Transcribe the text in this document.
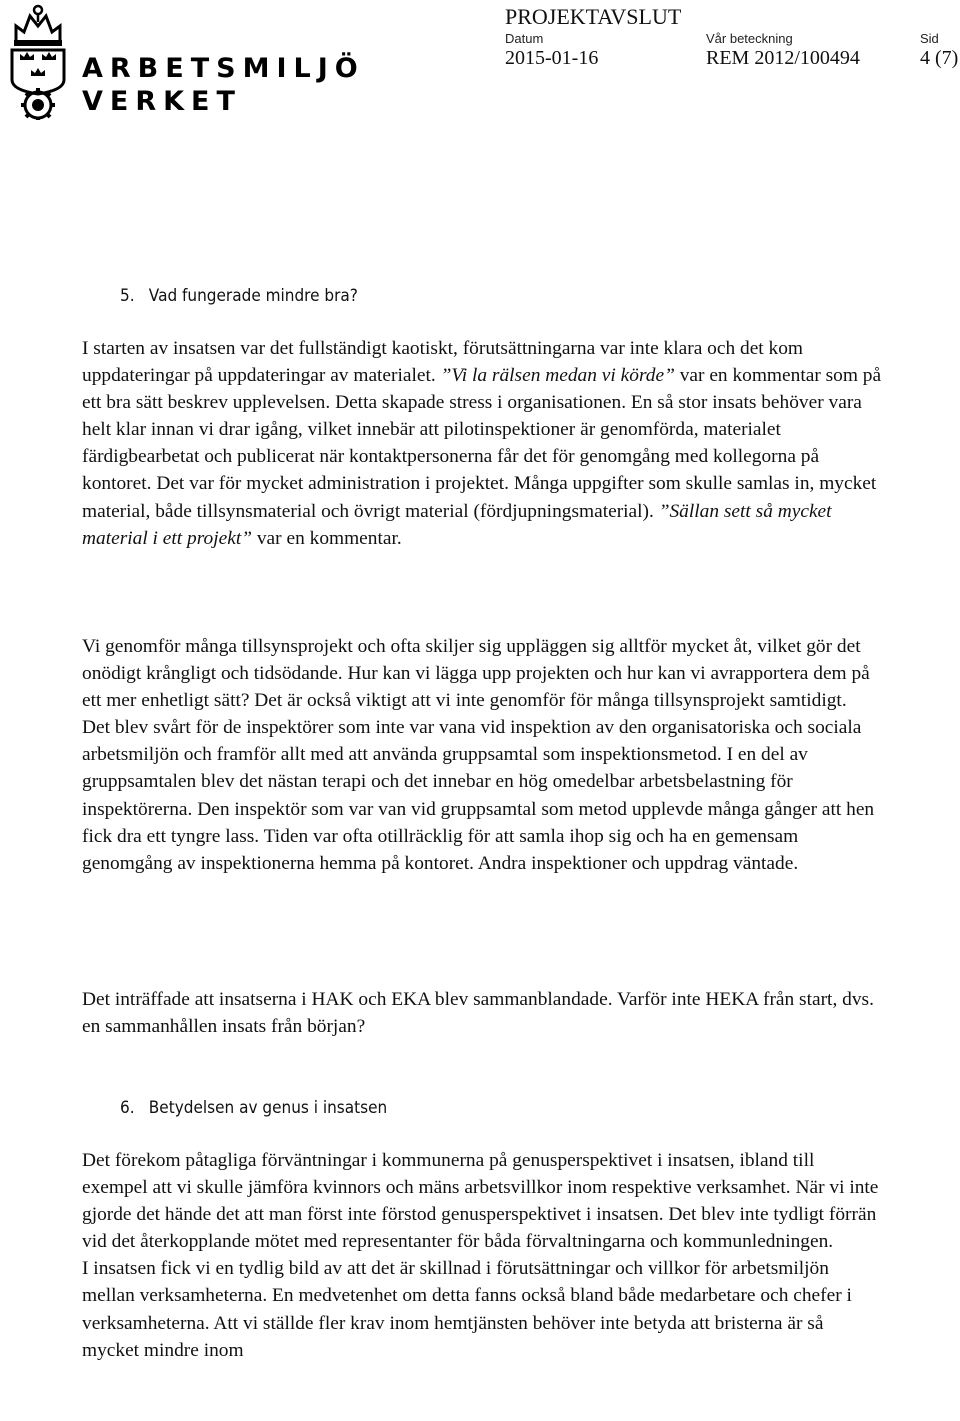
ARBETSMILJÖ
VERKET
PROJEKTAVSLUT
Datum
2015-01-16
Vår beteckning
REM 2012/100494
Sid
4 (7)
5. Vad fungerade mindre bra?

I starten av insatsen var det fullständigt kaotiskt, förutsättningarna var inte klara och det kom uppdateringar på uppdateringar av materialet. ”Vi la rälsen medan vi körde” var en kommentar som på ett bra sätt beskrev upplevelsen. Detta skapade stress i organisationen. En så stor insats behöver vara helt klar innan vi drar igång, vilket innebär att pilotinspektioner är genomförda, materialet färdigbearbetat och publicerat när kontaktpersonerna får det för genomgång med kollegorna på kontoret. Det var för mycket administration i projektet. Många uppgifter som skulle samlas in, mycket material, både tillsynsmaterial och övrigt material (fördjupningsmaterial). ”Sällan sett så mycket material i ett projekt” var en kommentar.

Vi genomför många tillsynsprojekt och ofta skiljer sig uppläggen sig alltför mycket åt, vilket gör det onödigt krångligt och tidsödande. Hur kan vi lägga upp projekten och hur kan vi avrapportera dem på ett mer enhetligt sätt? Det är också viktigt att vi inte genomför för många tillsynsprojekt samtidigt.

Det blev svårt för de inspektörer som inte var vana vid inspektion av den organisatoriska och sociala arbetsmiljön och framför allt med att använda gruppsamtal som inspektionsmetod. I en del av gruppsamtalen blev det nästan terapi och det innebar en hög omedelbar arbetsbelastning för inspektörerna. Den inspektör som var van vid gruppsamtal som metod upplevde många gånger att hen fick dra ett tyngre lass. Tiden var ofta otillräcklig för att samla ihop sig och ha en gemensam genomgång av inspektionerna hemma på kontoret. Andra inspektioner och uppdrag väntade.

Det inträffade att insatserna i HAK och EKA blev sammanblandade. Varför inte HEKA från start, dvs. en sammanhållen insats från början?

6. Betydelsen av genus i insatsen

Det förekom påtagliga förväntningar i kommunerna på genusperspektivet i insatsen, ibland till exempel att vi skulle jämföra kvinnors och mäns arbetsvillkor inom respektive verksamhet. När vi inte gjorde det hände det att man först inte förstod genusperspektivet i insatsen. Det blev inte tydligt förrän vid det återkopplande mötet med representanter för båda förvaltningarna och kommunledningen.

I insatsen fick vi en tydlig bild av att det är skillnad i förutsättningar och villkor för arbetsmiljön mellan verksamheterna. En medvetenhet om detta fanns också bland både medarbetare och chefer i verksamheterna. Att vi ställde fler krav inom hemtjänsten behöver inte betyda att bristerna är så mycket mindre inom
